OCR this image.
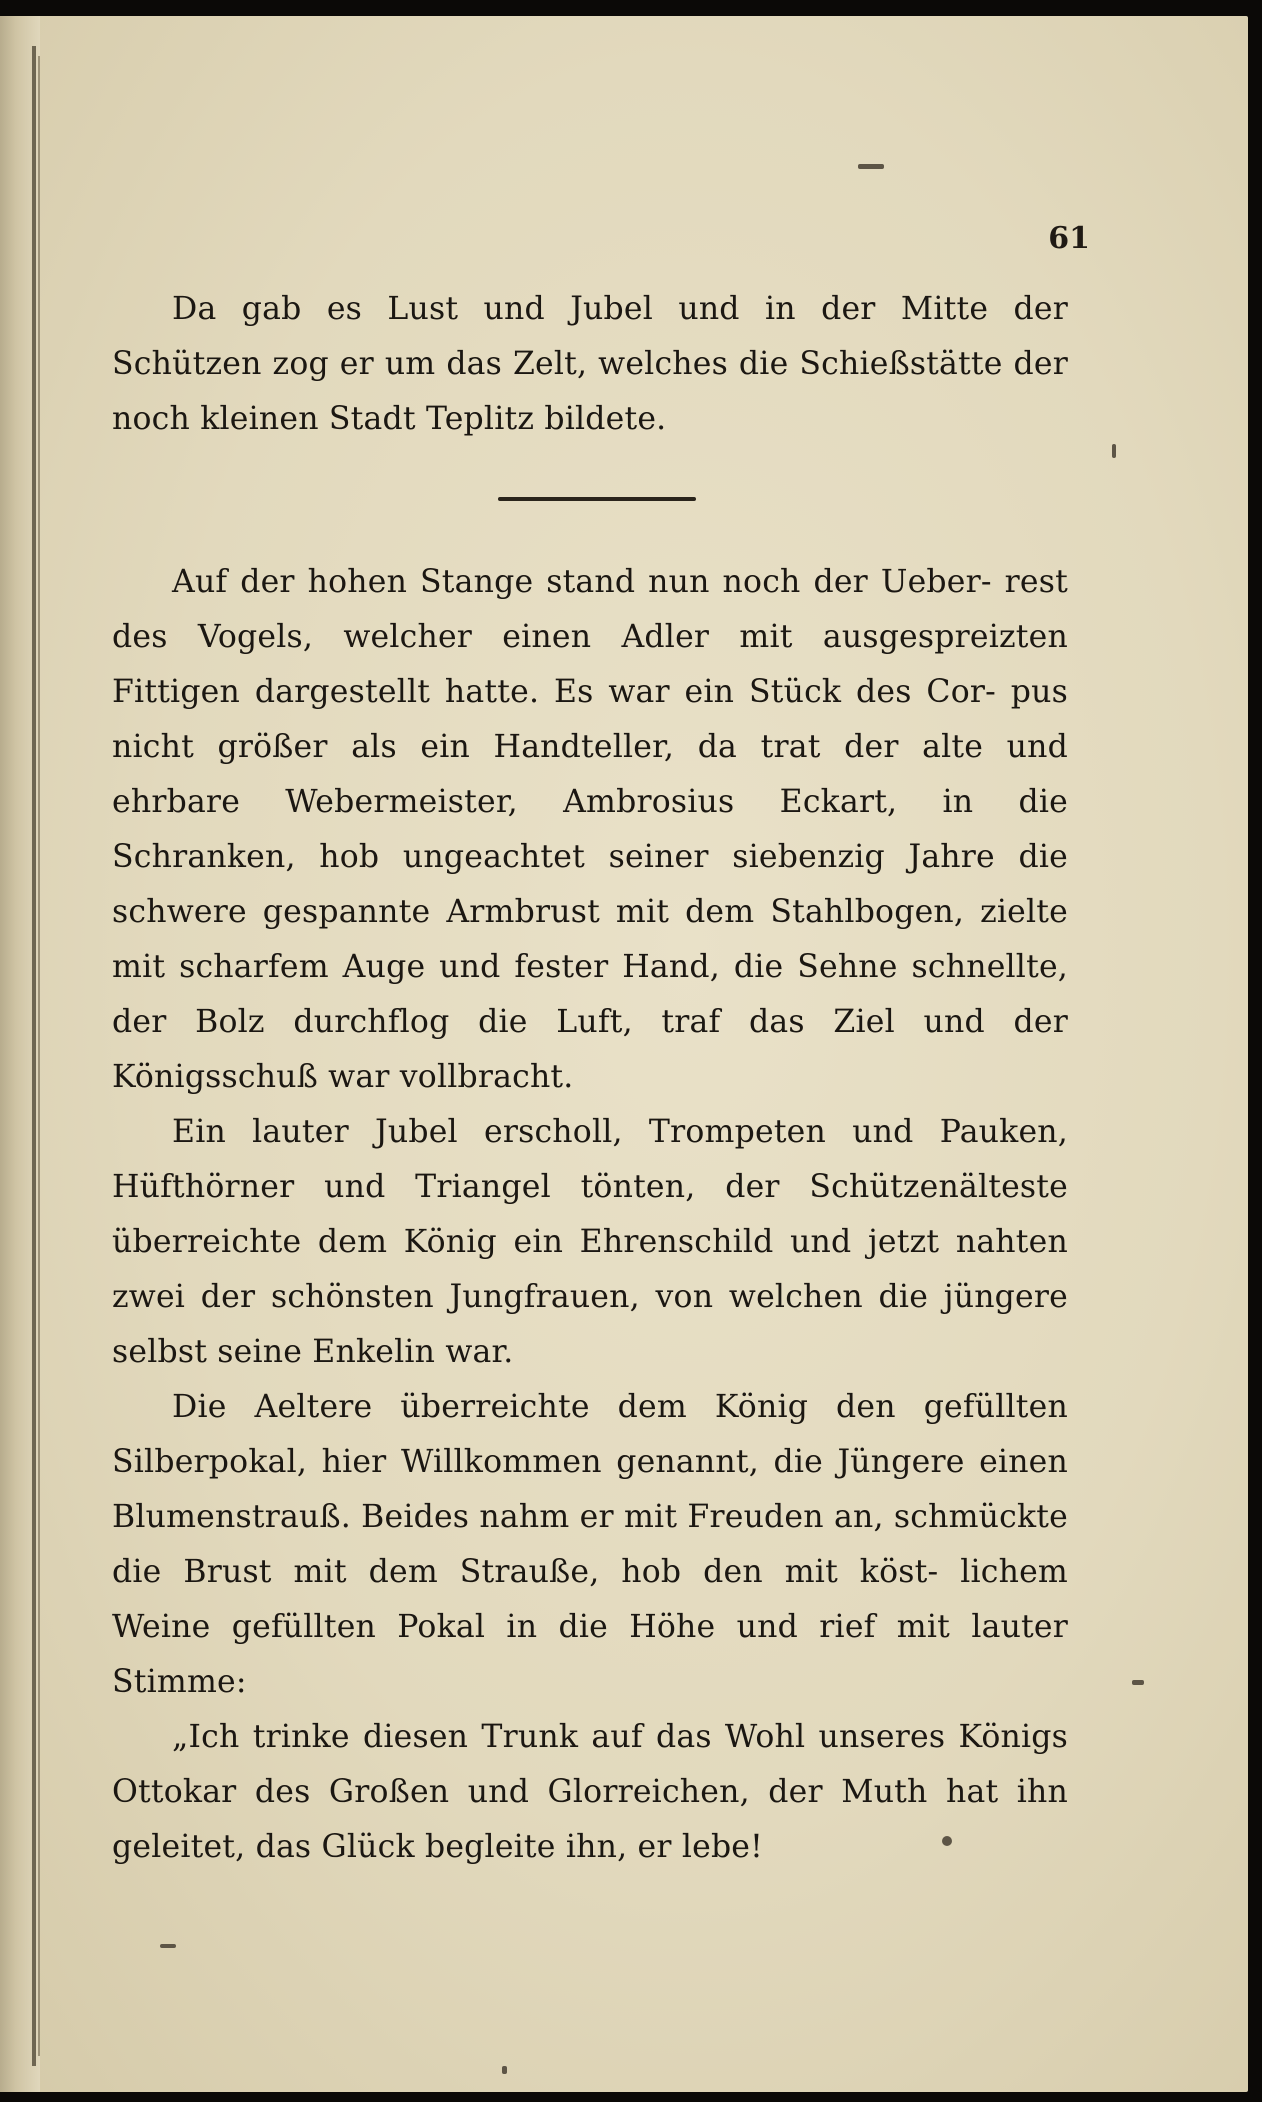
61

Da gab es Lust und Jubel und in der Mitte der Schützen zog er um das Zelt, welches die Schießstätte der noch kleinen Stadt Teplitz bildete.

Auf der hohen Stange stand nun noch der Ueber- rest des Vogels, welcher einen Adler mit ausgespreizten Fittigen dargestellt hatte. Es war ein Stück des Cor- pus nicht größer als ein Handteller, da trat der alte und ehrbare Webermeister, Ambrosius Eckart, in die Schranken, hob ungeachtet seiner siebenzig Jahre die schwere gespannte Armbrust mit dem Stahlbogen, zielte mit scharfem Auge und fester Hand, die Sehne schnellte, der Bolz durchflog die Luft, traf das Ziel und der Königsschuß war vollbracht.

Ein lauter Jubel erscholl, Trompeten und Pauken, Hüfthörner und Triangel tönten, der Schützenälteste überreichte dem König ein Ehrenschild und jetzt nahten zwei der schönsten Jungfrauen, von welchen die jüngere selbst seine Enkelin war.

Die Aeltere überreichte dem König den gefüllten Silberpokal, hier Willkommen genannt, die Jüngere einen Blumenstrauß. Beides nahm er mit Freuden an, schmückte die Brust mit dem Strauße, hob den mit köst- lichem Weine gefüllten Pokal in die Höhe und rief mit lauter Stimme:

„Ich trinke diesen Trunk auf das Wohl unseres Königs Ottokar des Großen und Glorreichen, der Muth hat ihn geleitet, das Glück begleite ihn, er lebe!
